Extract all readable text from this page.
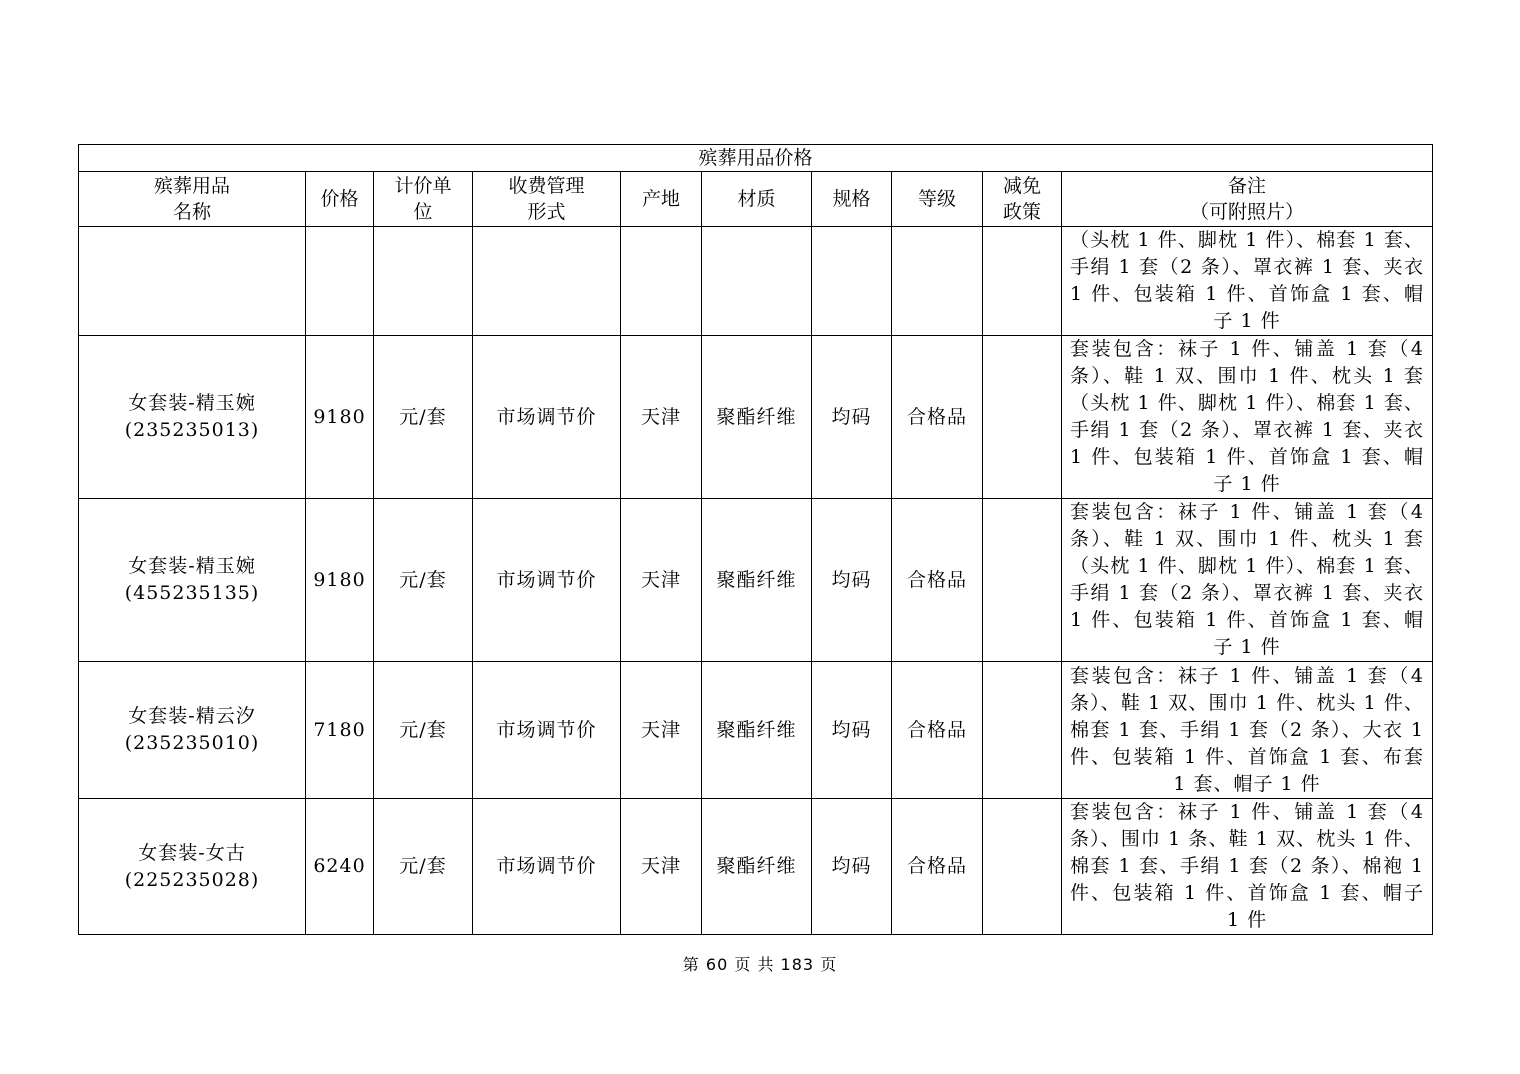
殡葬用品价格									

殡葬用品
名称	价格	计价单
位	收费管理
形式	产地	材质	规格	等级	减免
政策	备注
（可附照片）

									（头枕 1 件、脚枕 1 件）、棉套 1 套、手绢 1 套（2 条）、罩衣裤 1 套、夹衣 1 件、包装箱 1 件、首饰盒 1 套、帽子 1 件

女套装-精玉婉
(235235013)	9180	元/套	市场调节价	天津	聚酯纤维	均码	合格品		套装包含：袜子 1 件、铺盖 1 套（4 条）、鞋 1 双、围巾 1 件、枕头 1 套（头枕 1 件、脚枕 1 件）、棉套 1 套、手绢 1 套（2 条）、罩衣裤 1 套、夹衣 1 件、包装箱 1 件、首饰盒 1 套、帽子 1 件

女套装-精玉婉
(455235135)	9180	元/套	市场调节价	天津	聚酯纤维	均码	合格品		套装包含：袜子 1 件、铺盖 1 套（4 条）、鞋 1 双、围巾 1 件、枕头 1 套（头枕 1 件、脚枕 1 件）、棉套 1 套、手绢 1 套（2 条）、罩衣裤 1 套、夹衣 1 件、包装箱 1 件、首饰盒 1 套、帽子 1 件

女套装-精云汐
(235235010)	7180	元/套	市场调节价	天津	聚酯纤维	均码	合格品		套装包含：袜子 1 件、铺盖 1 套（4 条）、鞋 1 双、围巾 1 件、枕头 1 件、棉套 1 套、手绢 1 套（2 条）、大衣 1 件、包装箱 1 件、首饰盒 1 套、布套 1 套、帽子 1 件

女套装-女古
(225235028)	6240	元/套	市场调节价	天津	聚酯纤维	均码	合格品		套装包含：袜子 1 件、铺盖 1 套（4 条）、围巾 1 条、鞋 1 双、枕头 1 件、棉套 1 套、手绢 1 套（2 条）、棉袍 1 件、包装箱 1 件、首饰盒 1 套、帽子 1 件
第 60 页 共 183 页
